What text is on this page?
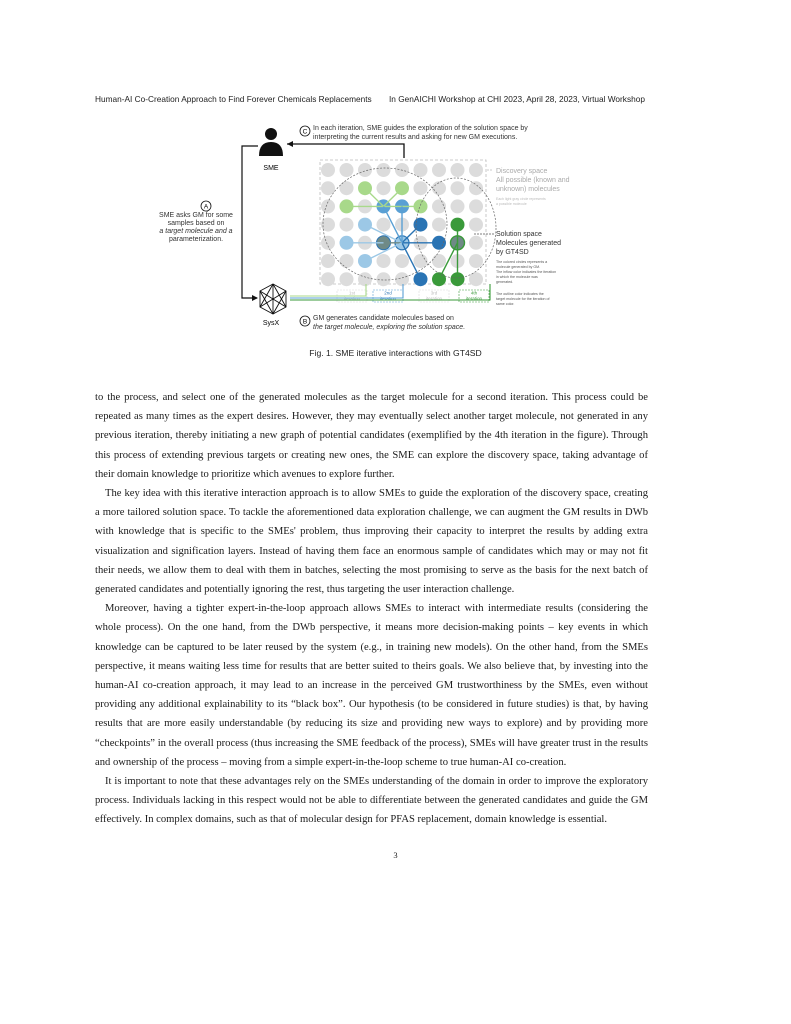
Human-AI Co-Creation Approach to Find Forever Chemicals Replacements In GenAICHI Workshop at CHI 2023, April 28, 2023, Virtual Workshop
SME
C In each iteration, SME guides the exploration of the solution space by
interpreting the current results and asking for new GM executions.
A
SME asks GM for some
samples based on
a target molecule and a
parameterization.
SysX
Discovery space
All possible (known and
unknown) molecules
Each light gray circle represents
a possible molecule
Solution space
Molecules generated
by GT4SD
The colored circles represents a
molecule generated by GM.
The inflow color indicates the iteration
in which the molecule was
generated.
The outline color indicates the
target molecule for the iteration of
same color.
1st
iteration
2nd
iteration
3rd
iteration
4th
iteration
B GM generates candidate molecules based on
the target molecule, exploring the solution space.
Fig. 1. SME iterative interactions with GT4SD

to the process, and select one of the generated molecules as the target molecule for a second iteration. This process could be repeated as many times as the expert desires. However, they may eventually select another target molecule, not generated in any previous iteration, thereby initiating a new graph of potential candidates (exemplified by the 4th iteration in the figure). Through this process of extending previous targets or creating new ones, the SME can explore the discovery space, taking advantage of their domain knowledge to prioritize which avenues to explore further.

The key idea with this iterative interaction approach is to allow SMEs to guide the exploration of the discovery space, creating a more tailored solution space. To tackle the aforementioned data exploration challenge, we can augment the GM results in DWb with knowledge that is specific to the SMEs' problem, thus improving their capacity to interpret the results by adding extra visualization and signification layers. Instead of having them face an enormous sample of candidates which may or may not fit their needs, we allow them to deal with them in batches, selecting the most promising to serve as the basis for the next batch of generated candidates and potentially ignoring the rest, thus targeting the user interaction challenge.

Moreover, having a tighter expert-in-the-loop approach allows SMEs to interact with intermediate results (considering the whole process). On the one hand, from the DWb perspective, it means more decision-making points – key events in which knowledge can be captured to be later reused by the system (e.g., in training new models). On the other hand, from the SMEs perspective, it means waiting less time for results that are better suited to theirs goals. We also believe that, by investing into the human-AI co-creation approach, it may lead to an increase in the perceived GM trustworthiness by the SMEs, even without providing any additional explainability to its “black box”. Our hypothesis (to be considered in future studies) is that, by having results that are more easily understandable (by reducing its size and providing new ways to explore) and by providing more “checkpoints” in the overall process (thus increasing the SME feedback of the process), SMEs will have greater trust in the results and ownership of the process – moving from a simple expert-in-the-loop scheme to true human-AI co-creation.

It is important to note that these advantages rely on the SMEs understanding of the domain in order to improve the exploratory process. Individuals lacking in this respect would not be able to differentiate between the generated candidates and guide the GM effectively. In complex domains, such as that of molecular design for PFAS replacement, domain knowledge is essential.

3
